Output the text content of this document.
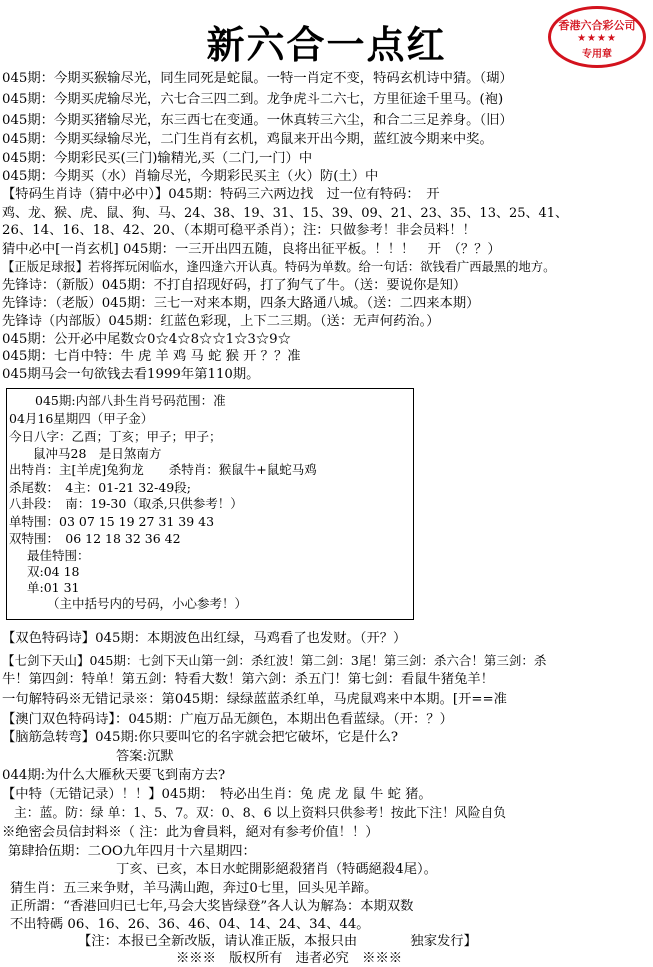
新六合一点红	香港六合彩公司
★★★★
专用章
045期：今期买猴输尽光，同生同死是蛇鼠。一特一肖定不变，特码玄机诗中猜。（瑚）
045期：今期买虎输尽光，六七合三四二到。龙争虎斗二六七，方里征途千里马。(袍)
045期：今期买猪输尽光，东三西七在变通。一休真转三六尘，和合二三足养身。（旧）
045期：今期买绿输尽光，二门生肖有玄机，鸡鼠来开出今期，蓝红波今期来中奖。
045期：今期彩民买(三门)输精光,买（二门,一门）中
045期：今期买（水）肖输尽光，今期彩民买主（火）防(土）中
【特码生肖诗（猜中必中）】045期：特码三六两边找　过一位有特码：　开
鸡、龙、猴、虎、鼠、狗、马、24、38、19、31、15、39、09、21、23、35、13、25、41、
26、14、16、18、42、20、（本期可稳平杀肖）；注：只做参考！非会员料！！
猜中必中[一肖玄机] 045期：一三开出四五随，良将出征平板。！！！　开　（？？）
【正版足球报】若将挥玩闲临水，逢四逢六开认真。特码为单数。给一句话：欲钱看广西最黑的地方。
先锋诗：（新版）045期：不打自招现好码，打了狗气了牛。（送：要说你是知）
先锋诗：（老版）045期：三七一对来本期，四条大路通八城。（送：二四来本期）
先锋诗（内部版）045期：红蓝色彩现，上下二三期。（送：无声何药治。）
045期：公开必中尾数☆0☆4☆8☆☆1☆3☆9☆
045期：七肖中特：牛 虎 羊 鸡 马 蛇 猴 开 ？？准
045期马会一句欲钱去看1999年第110期。
045期:内部八卦生肖号码范围：准
04月16星期四（甲子金）
今日八字：乙酉；丁亥；甲子；甲子；
鼠冲马28　是日煞南方
出特肖：主[羊虎]兔狗龙　　杀特肖：猴鼠牛+鼠蛇马鸡
杀尾数：　4主：01-21 32-49段;
八卦段：　南：19-30（取杀,只供参考！）
单特围：03 07 15 19 27 31 39 43
双特围：　06 12 18 32 36 42
最佳特围：
双:04 18
单:01 31
（主中括号内的号码，小心参考！）
【双色特码诗】045期：本期波色出红绿，马鸡看了也发财。（开？）
【七剑下天山】045期：七剑下天山第一剑：杀红波！第二剑：3尾！第三剑：杀六合！第三剑：杀
牛！第四剑：特单！第五剑：特看大数！第六剑：杀五门！第七剑：看鼠牛猪兔羊！
一句解特码※无错记录※：第045期：绿绿蓝蓝杀红单，马虎鼠鸡来中本期。[开==准
【澳门双色特码诗】：045期：广庖万品无颜色，本期出色看蓝绿。（开：？）
【脑筋急转弯】045期:你只要叫它的名字就会把它破坏，它是什么?
答案:沉默
044期:为什么大雁秋天要飞到南方去?
【中特（无错记录）！！】045期：　特必出生肖：兔 虎 龙 鼠 牛 蛇 猪。
主：蓝。防：绿 单：1、5、7。双：0、8、6 以上资料只供参考！按此下注！风险自负
※绝密会员信封料※（ 注：此为會員料，絕对有参考价值！！）
第肆拾伍期：二OO九年四月十六星期四：
丁亥、已亥，本日水蛇開影絕殺猪肖（特碼絕殺4尾）。
猜生肖：五三来争财，羊马满山跑，奔过0七里，回头见羊蹄。
正所謂：“香港回归已七年,马会大奖皆绿登”各人认为解為：本期双数
不出特碼 06、16、26、36、46、04、14、24、34、44。
【注：本报已全新改版，请认准正版，本报只由　　　　独家发行】
※※※　版权所有　违者必究　※※※
